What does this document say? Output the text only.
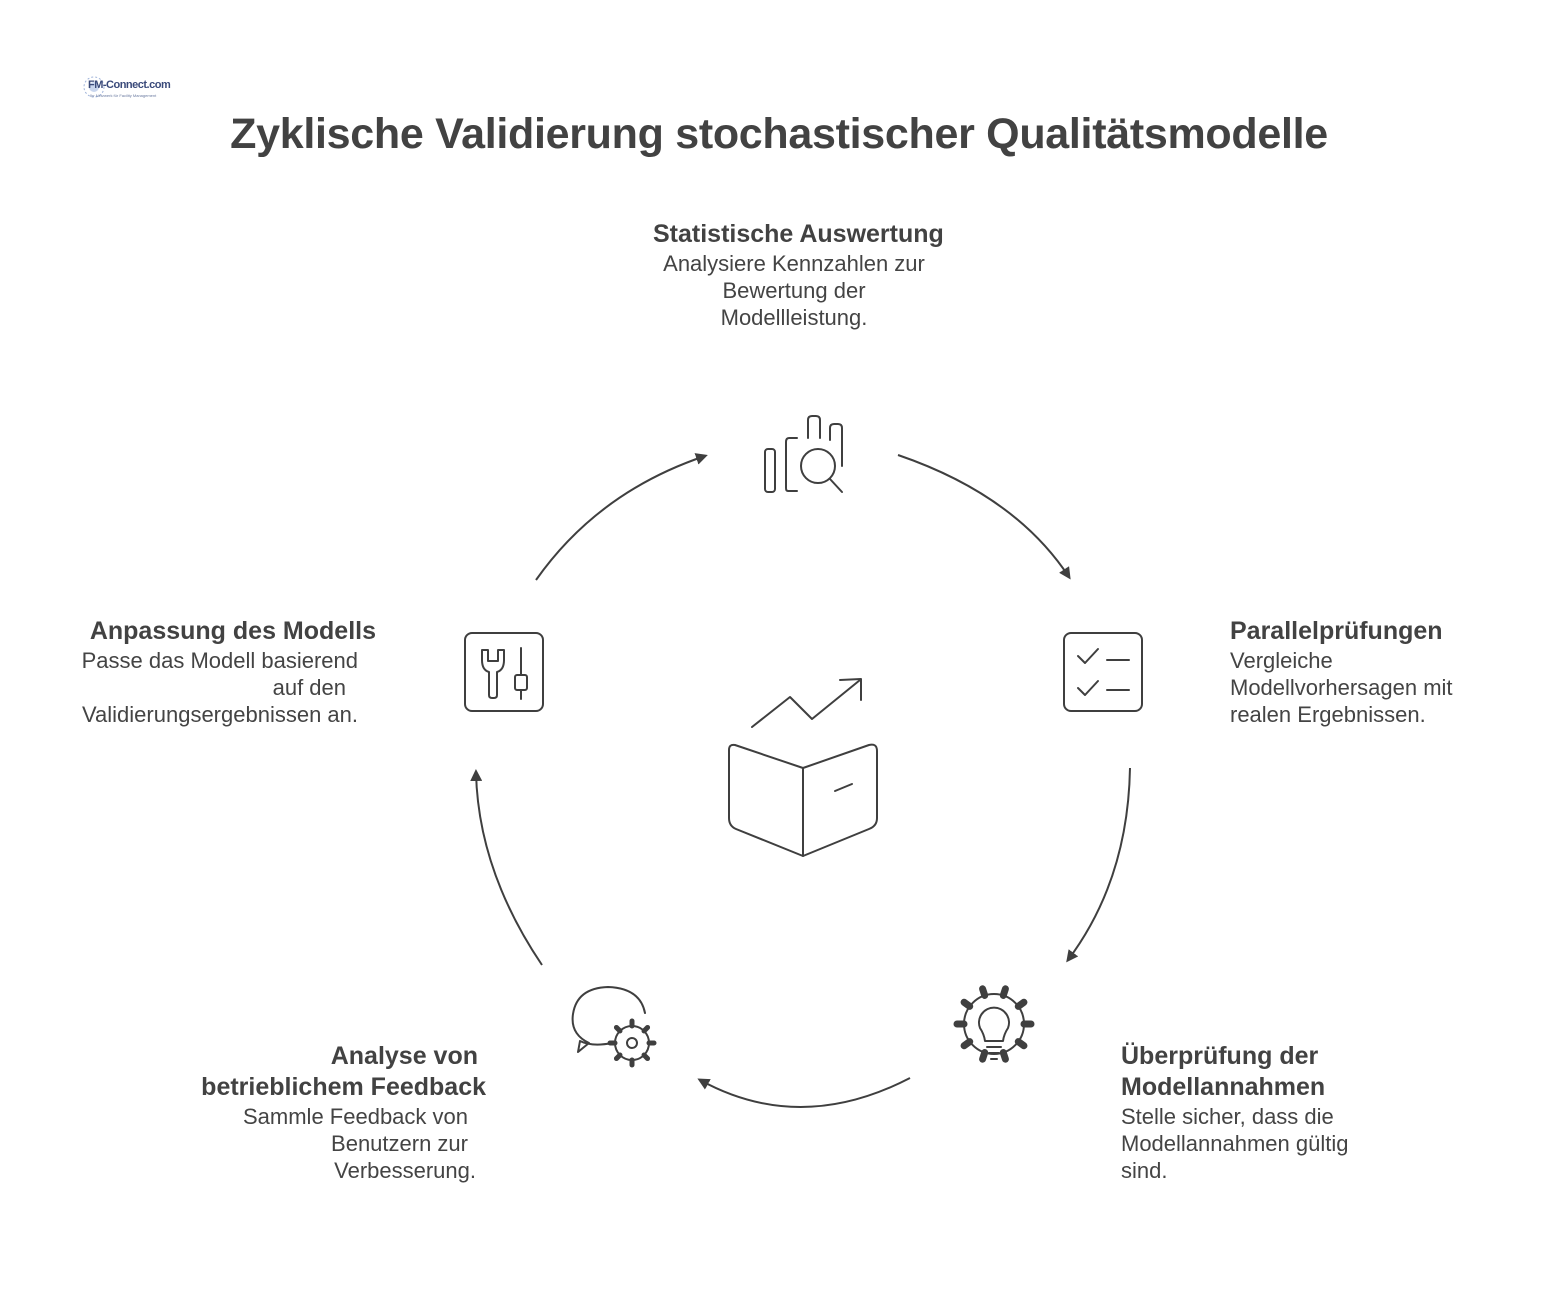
FM-Connect.com
Ihr Netzwerk für Facility Management
Zyklische Validierung stochastischer Qualitätsmodelle
Statistische Auswertung
Analysiere Kennzahlen zur
Bewertung der
Modellleistung.
Parallelprüfungen
Vergleiche
Modellvorhersagen mit
realen Ergebnissen.
Überprüfung der
Modellannahmen
Stelle sicher, dass die
Modellannahmen gültig
sind.
Analyse von
betrieblichem Feedback
Sammle Feedback von
Benutzern zur
Verbesserung.
Anpassung des Modells
Passe das Modell basierend
auf den
Validierungsergebnissen an.
